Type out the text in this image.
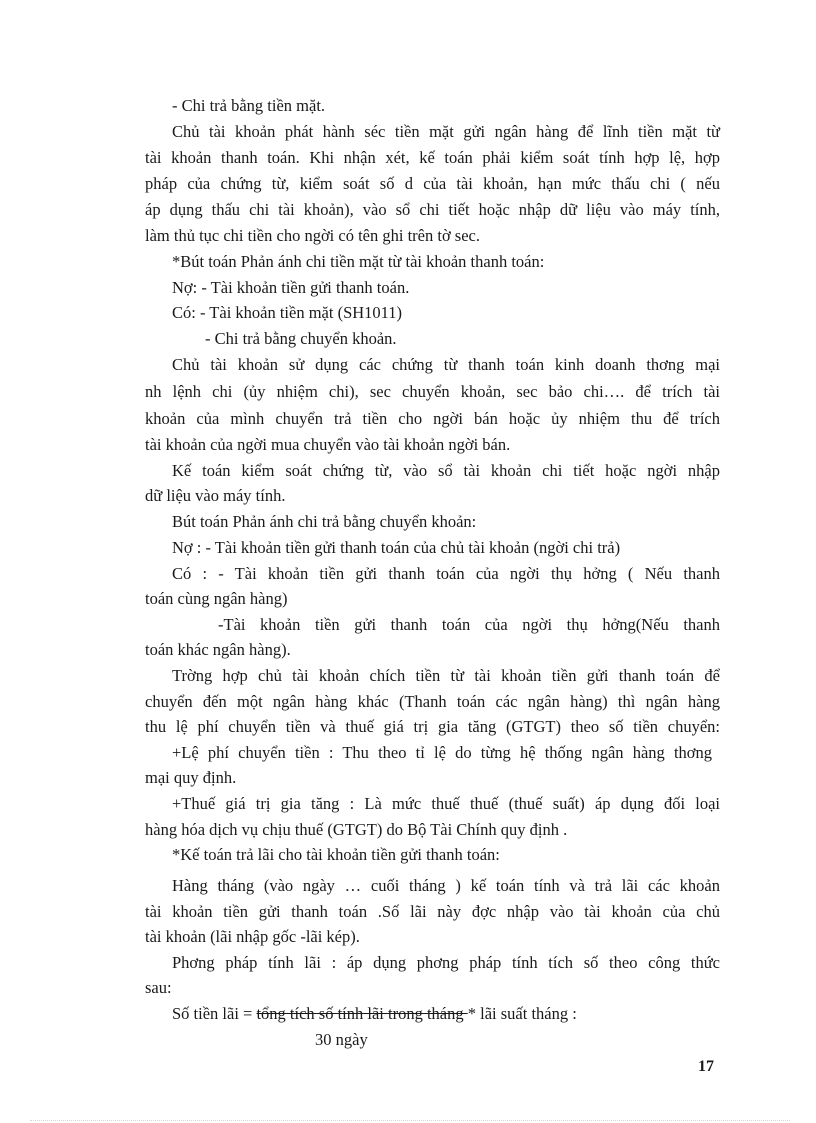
- Chi trả bằng tiền mặt.
Chủ tài khoản phát hành séc tiền mặt gửi ngân hàng để lĩnh tiền mặt từ
tài khoản thanh toán. Khi nhận xét, kế toán phải kiểm soát tính hợp lệ, hợp
pháp của chứng từ, kiểm soát số d của tài khoản, hạn mức thấu chi ( nếu
áp dụng thấu chi tài khoản), vào sổ chi tiết hoặc nhập dữ liệu vào máy tính,
làm thủ tục chi tiền cho ngời có tên ghi trên tờ sec.
*Bút toán Phản ánh chi tiền mặt từ tài khoản thanh toán:
Nợ: - Tài khoản tiền gửi thanh toán.
Có: - Tài khoản tiền mặt (SH1011)
- Chi trả bằng chuyển khoản.
Chủ tài khoản sử dụng các chứng từ thanh toán kinh doanh thơng mại
nh lệnh chi (ủy nhiệm chi), sec chuyển khoản, sec bảo chi…. để trích tài
khoản của mình chuyển trả tiền cho ngời bán hoặc ủy nhiệm thu để trích
tài khoản của ngời mua chuyển vào tài khoản ngời bán.
Kế toán kiểm soát chứng từ, vào sổ tài khoản chi tiết hoặc ngời nhập
dữ liệu vào máy tính.
Bút toán Phản ánh chi trả bằng chuyển khoản:
Nợ : - Tài khoản tiền gửi thanh toán của chủ tài khoản (ngời chi trả)
Có : - Tài khoản tiền gửi thanh toán của ngời thụ hởng ( Nếu thanh
toán cùng ngân hàng)
-Tài khoản tiền gửi thanh toán của ngời thụ hởng(Nếu thanh
toán khác ngân hàng).
Trờng hợp chủ tài khoản chích tiền từ tài khoản tiền gửi thanh toán để
chuyển đến một ngân hàng khác (Thanh toán các ngân hàng) thì ngân hàng
thu lệ phí chuyển tiền và thuế giá trị gia tăng (GTGT) theo số tiền chuyển:
+Lệ phí chuyển tiền : Thu theo tỉ lệ do từng hệ thống ngân hàng thơng
mại quy định.
+Thuế giá trị gia tăng : Là mức thuế thuế (thuế suất) áp dụng đối loại
hàng hóa dịch vụ chịu thuế (GTGT) do Bộ Tài Chính quy định .
*Kế toán trả lãi cho tài khoản tiền gửi thanh toán:
Hàng tháng (vào ngày … cuối tháng ) kế toán tính và trả lãi các khoản
tài khoản tiền gửi thanh toán .Số lãi này đợc nhập vào tài khoản của chủ
tài khoản (lãi nhập gốc -lãi kép).
Phơng pháp tính lãi : áp dụng phơng pháp tính tích số theo công thức
sau:
Số tiền lãi = tổng tích số tính lãi trong tháng * lãi suất tháng :
30 ngày
17
